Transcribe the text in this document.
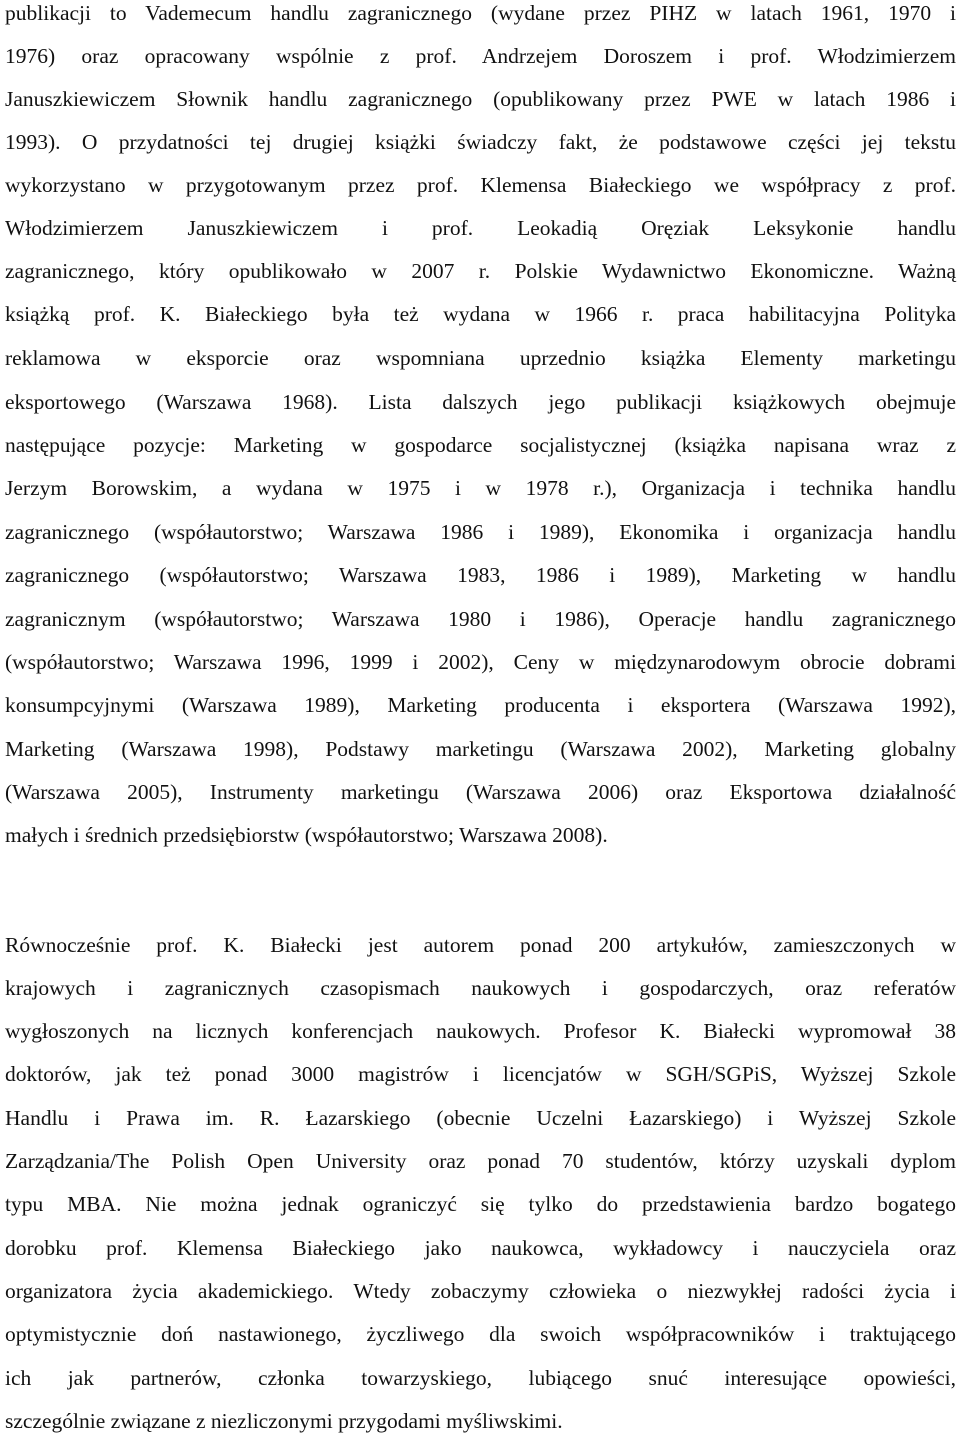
publikacji to Vademecum handlu zagranicznego (wydane przez PIHZ w latach 1961, 1970 i
1976) oraz opracowany wspólnie z prof. Andrzejem Doroszem i prof. Włodzimierzem
Januszkiewiczem Słownik handlu zagranicznego (opublikowany przez PWE w latach 1986 i
1993). O przydatności tej drugiej książki świadczy fakt, że podstawowe części jej tekstu
wykorzystano w przygotowanym przez prof. Klemensa Białeckiego we współpracy z prof.
Włodzimierzem Januszkiewiczem i prof. Leokadią Oręziak Leksykonie handlu
zagranicznego, który opublikowało w 2007 r. Polskie Wydawnictwo Ekonomiczne. Ważną
książką prof. K. Białeckiego była też wydana w 1966 r. praca habilitacyjna Polityka
reklamowa w eksporcie oraz wspomniana uprzednio książka Elementy marketingu
eksportowego (Warszawa 1968). Lista dalszych jego publikacji książkowych obejmuje
następujące pozycje: Marketing w gospodarce socjalistycznej (książka napisana wraz z
Jerzym Borowskim, a wydana w 1975 i w 1978 r.), Organizacja i technika handlu
zagranicznego (współautorstwo; Warszawa 1986 i 1989), Ekonomika i organizacja handlu
zagranicznego (współautorstwo; Warszawa 1983, 1986 i 1989), Marketing w handlu
zagranicznym (współautorstwo; Warszawa 1980 i 1986), Operacje handlu zagranicznego
(współautorstwo; Warszawa 1996, 1999 i 2002), Ceny w międzynarodowym obrocie dobrami
konsumpcyjnymi (Warszawa 1989), Marketing producenta i eksportera (Warszawa 1992),
Marketing (Warszawa 1998), Podstawy marketingu (Warszawa 2002), Marketing globalny
(Warszawa 2005), Instrumenty marketingu (Warszawa 2006) oraz Eksportowa działalność
małych i średnich przedsiębiorstw (współautorstwo; Warszawa 2008).
Równocześnie prof. K. Białecki jest autorem ponad 200 artykułów, zamieszczonych w
krajowych i zagranicznych czasopismach naukowych i gospodarczych, oraz referatów
wygłoszonych na licznych konferencjach naukowych. Profesor K. Białecki wypromował 38
doktorów, jak też ponad 3000 magistrów i licencjatów w SGH/SGPiS, Wyższej Szkole
Handlu i Prawa im. R. Łazarskiego (obecnie Uczelni Łazarskiego) i Wyższej Szkole
Zarządzania/The Polish Open University oraz ponad 70 studentów, którzy uzyskali dyplom
typu MBA. Nie można jednak ograniczyć się tylko do przedstawienia bardzo bogatego
dorobku prof. Klemensa Białeckiego jako naukowca, wykładowcy i nauczyciela oraz
organizatora życia akademickiego. Wtedy zobaczymy człowieka o niezwykłej radości życia i
optymistycznie doń nastawionego, życzliwego dla swoich współpracowników i traktującego
ich jak partnerów, członka towarzyskiego, lubiącego snuć interesujące opowieści,
szczególnie związane z niezliczonymi przygodami myśliwskimi.
